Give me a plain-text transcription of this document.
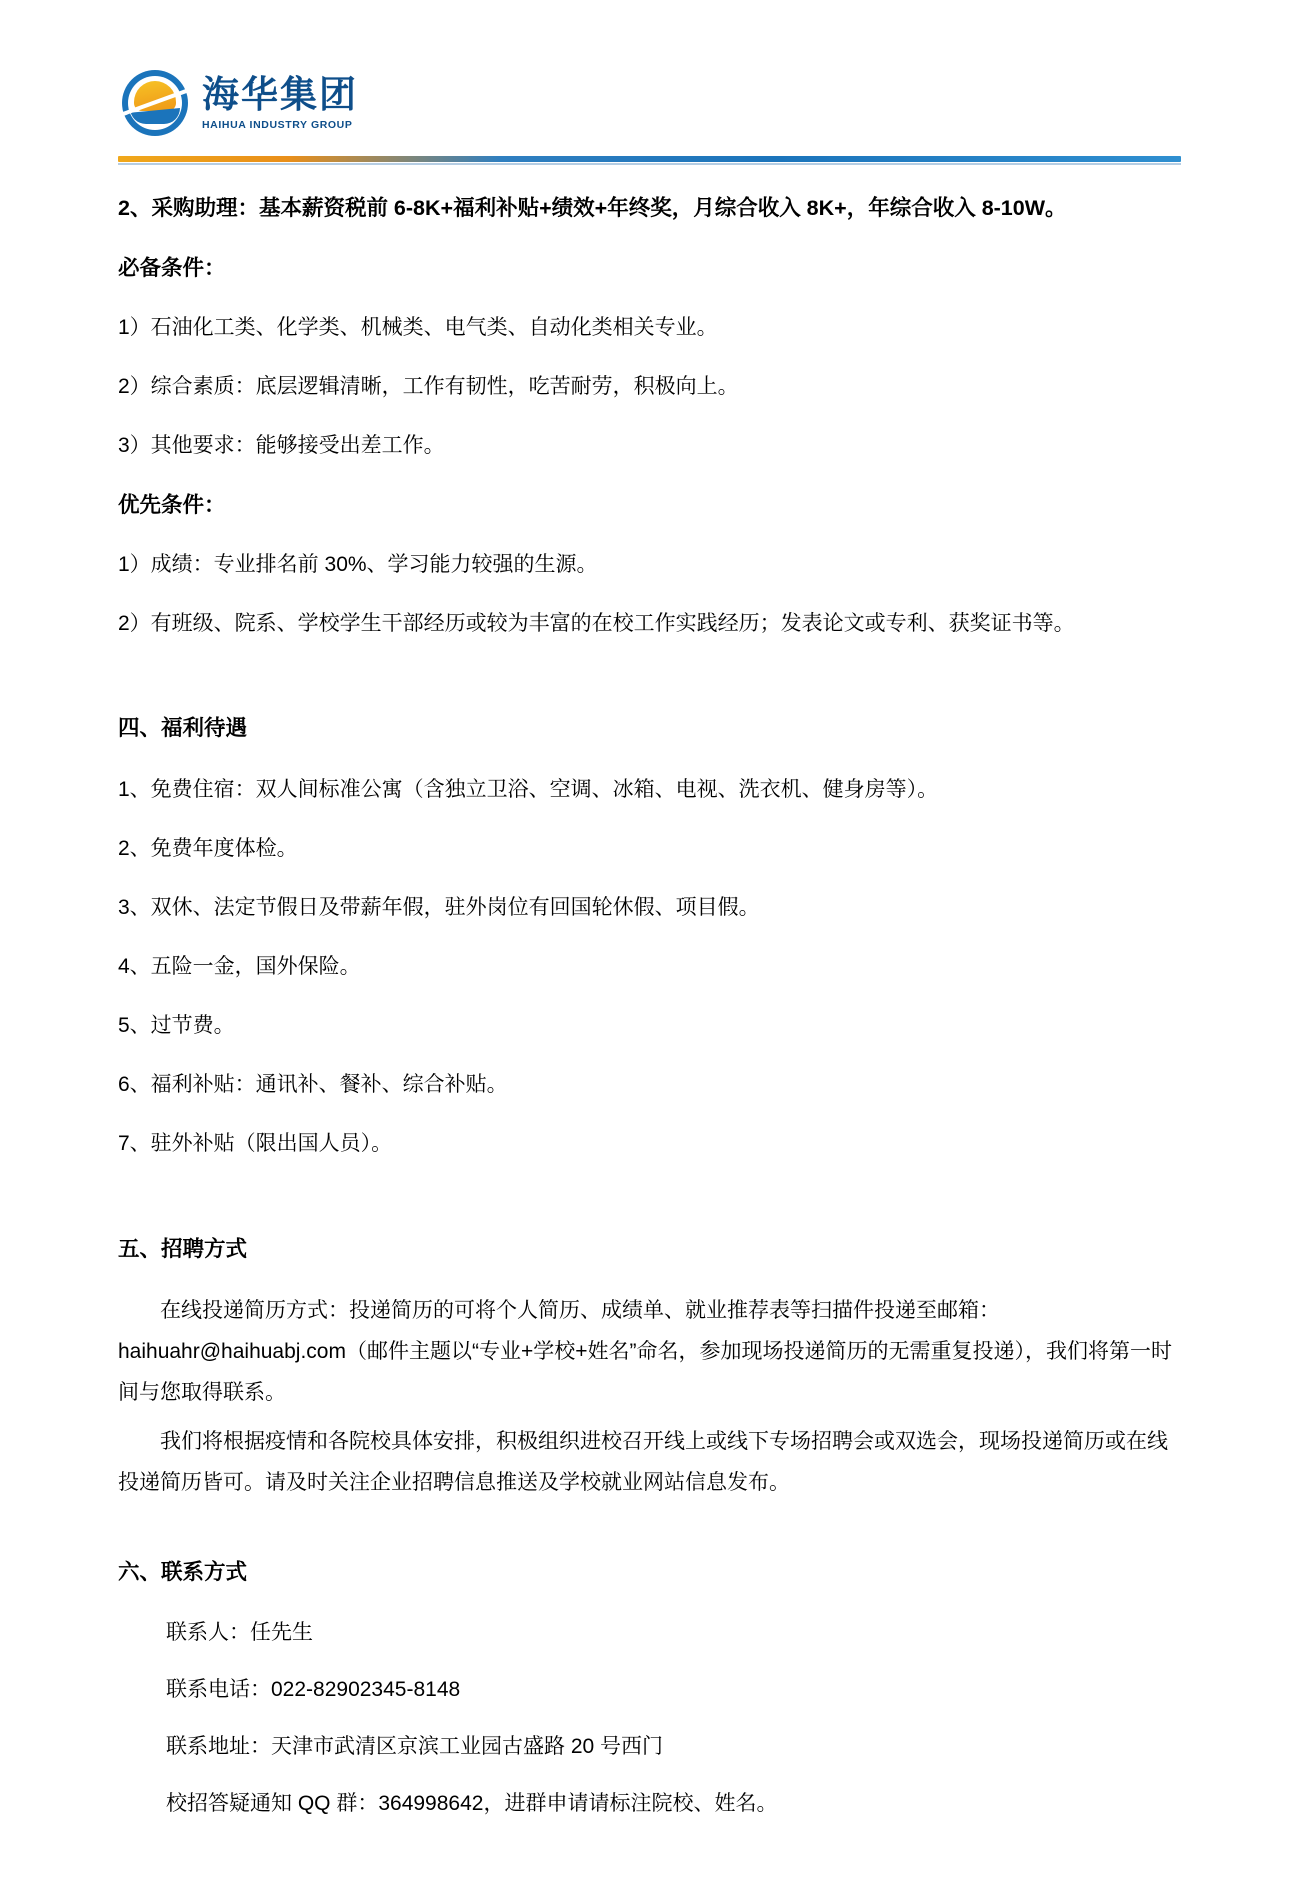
海华集团
HAIHUA INDUSTRY GROUP

2、采购助理：基本薪资税前 6-8K+福利补贴+绩效+年终奖，月综合收入 8K+，年综合收入 8-10W。

必备条件：

1）石油化工类、化学类、机械类、电气类、自动化类相关专业。

2）综合素质：底层逻辑清晰，工作有韧性，吃苦耐劳，积极向上。

3）其他要求：能够接受出差工作。

优先条件：

1）成绩：专业排名前 30%、学习能力较强的生源。

2）有班级、院系、学校学生干部经历或较为丰富的在校工作实践经历；发表论文或专利、获奖证书等。

四、福利待遇

1、免费住宿：双人间标准公寓（含独立卫浴、空调、冰箱、电视、洗衣机、健身房等）。

2、免费年度体检。

3、双休、法定节假日及带薪年假，驻外岗位有回国轮休假、项目假。

4、五险一金，国外保险。

5、过节费。

6、福利补贴：通讯补、餐补、综合补贴。

7、驻外补贴（限出国人员）。

五、招聘方式

在线投递简历方式：投递简历的可将个人简历、成绩单、就业推荐表等扫描件投递至邮箱：haihuahr@haihuabj.com（邮件主题以“专业+学校+姓名”命名，参加现场投递简历的无需重复投递），我们将第一时间与您取得联系。

我们将根据疫情和各院校具体安排，积极组织进校召开线上或线下专场招聘会或双选会，现场投递简历或在线投递简历皆可。请及时关注企业招聘信息推送及学校就业网站信息发布。

六、联系方式

联系人：任先生

联系电话：022-82902345-8148

联系地址：天津市武清区京滨工业园古盛路 20 号西门

校招答疑通知 QQ 群：364998642，进群申请请标注院校、姓名。
